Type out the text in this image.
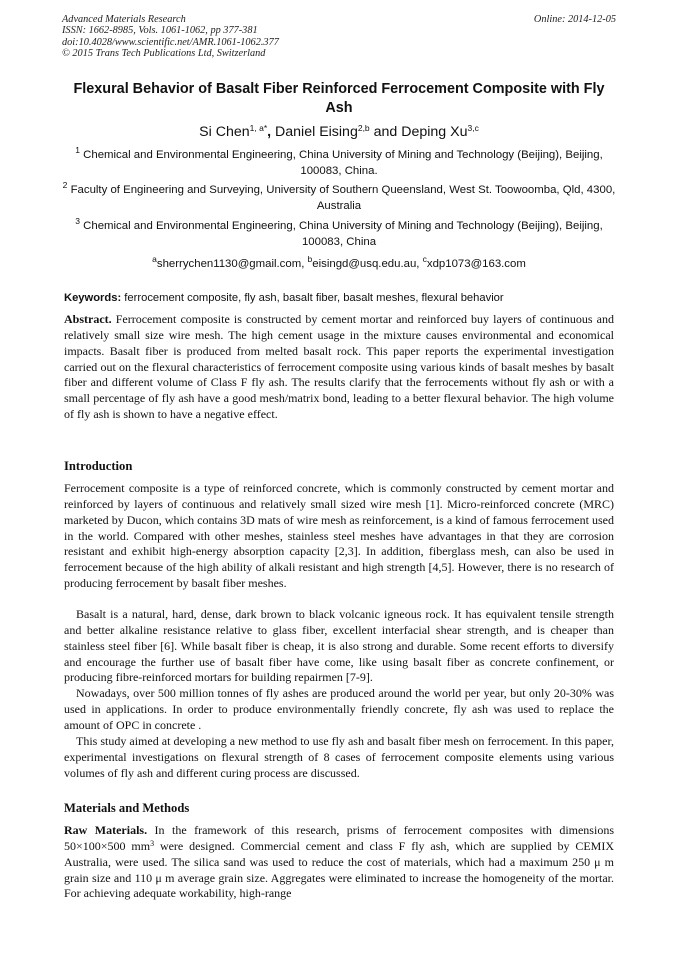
Advanced Materials Research
ISSN: 1662-8985, Vols. 1061-1062, pp 377-381
doi:10.4028/www.scientific.net/AMR.1061-1062.377
© 2015 Trans Tech Publications Ltd, Switzerland
Online: 2014-12-05
Flexural Behavior of Basalt Fiber Reinforced Ferrocement Composite with Fly Ash
Si Chen$^{1, a*}$, Daniel Eising$^{2,b}$ and Deping Xu$^{3,c}$
$^1$ Chemical and Environmental Engineering, China University of Mining and Technology (Beijing), Beijing, 100083, China.
$^2$ Faculty of Engineering and Surveying, University of Southern Queensland, West St. Toowoomba, Qld, 4300, Australia
$^3$ Chemical and Environmental Engineering, China University of Mining and Technology (Beijing), Beijing, 100083, China
$^a$sherrychen1130@gmail.com, $^b$eisingd@usq.edu.au, $^c$xdp1073@163.com
Keywords: ferrocement composite, fly ash, basalt fiber, basalt meshes, flexural behavior
Abstract. Ferrocement composite is constructed by cement mortar and reinforced buy layers of continuous and relatively small size wire mesh. The high cement usage in the mixture causes environmental and economical impacts. Basalt fiber is produced from melted basalt rock. This paper reports the experimental investigation carried out on the flexural characteristics of ferrocement composite using various kinds of basalt meshes by basalt fiber and different volume of Class F fly ash. The results clarify that the ferrocements without fly ash or with a small percentage of fly ash have a good mesh/matrix bond, leading to a better flexural behavior. The high volume of fly ash is shown to have a negative effect.
Introduction
Ferrocement composite is a type of reinforced concrete, which is commonly constructed by cement mortar and reinforced by layers of continuous and relatively small sized wire mesh [1]. Micro-reinforced concrete (MRC) marketed by Ducon, which contains 3D mats of wire mesh as reinforcement, is a kind of famous ferrocement used in the world. Compared with other meshes, stainless steel meshes have advantages in that they are corrosion resistant and exhibit high-energy absorption capacity [2,3]. In addition, fiberglass mesh, can also be used in ferrocement because of the high ability of alkali resistant and high strength [4,5]. However, there is no research of producing ferrocement by basalt fiber meshes.
Basalt is a natural, hard, dense, dark brown to black volcanic igneous rock. It has equivalent tensile strength and better alkaline resistance relative to glass fiber, excellent interfacial shear strength, and is cheaper than stainless steel fiber [6]. While basalt fiber is cheap, it is also strong and durable. Some recent efforts to diversify and encourage the further use of basalt fiber have come, like using basalt fiber as concrete confinement, or producing fibre-reinforced mortars for building repairmen [7-9].
Nowadays, over 500 million tonnes of fly ashes are produced around the world per year, but only 20-30% was used in applications. In order to produce environmentally friendly concrete, fly ash was used to replace the amount of OPC in concrete .
This study aimed at developing a new method to use fly ash and basalt fiber mesh on ferrocement. In this paper, experimental investigations on flexural strength of 8 cases of ferrocement composite elements using various volumes of fly ash and different curing process are discussed.
Materials and Methods
Raw Materials. In the framework of this research, prisms of ferrocement composites with dimensions 50×100×500 $mm^3$ were designed. Commercial cement and class F fly ash, which are supplied by CEMIX Australia, were used. The silica sand was used to reduce the cost of materials, which had a maximum 250 μ m grain size and 110 μ m average grain size. Aggregates were eliminated to increase the homogeneity of the mortar. For achieving adequate workability, high-range
